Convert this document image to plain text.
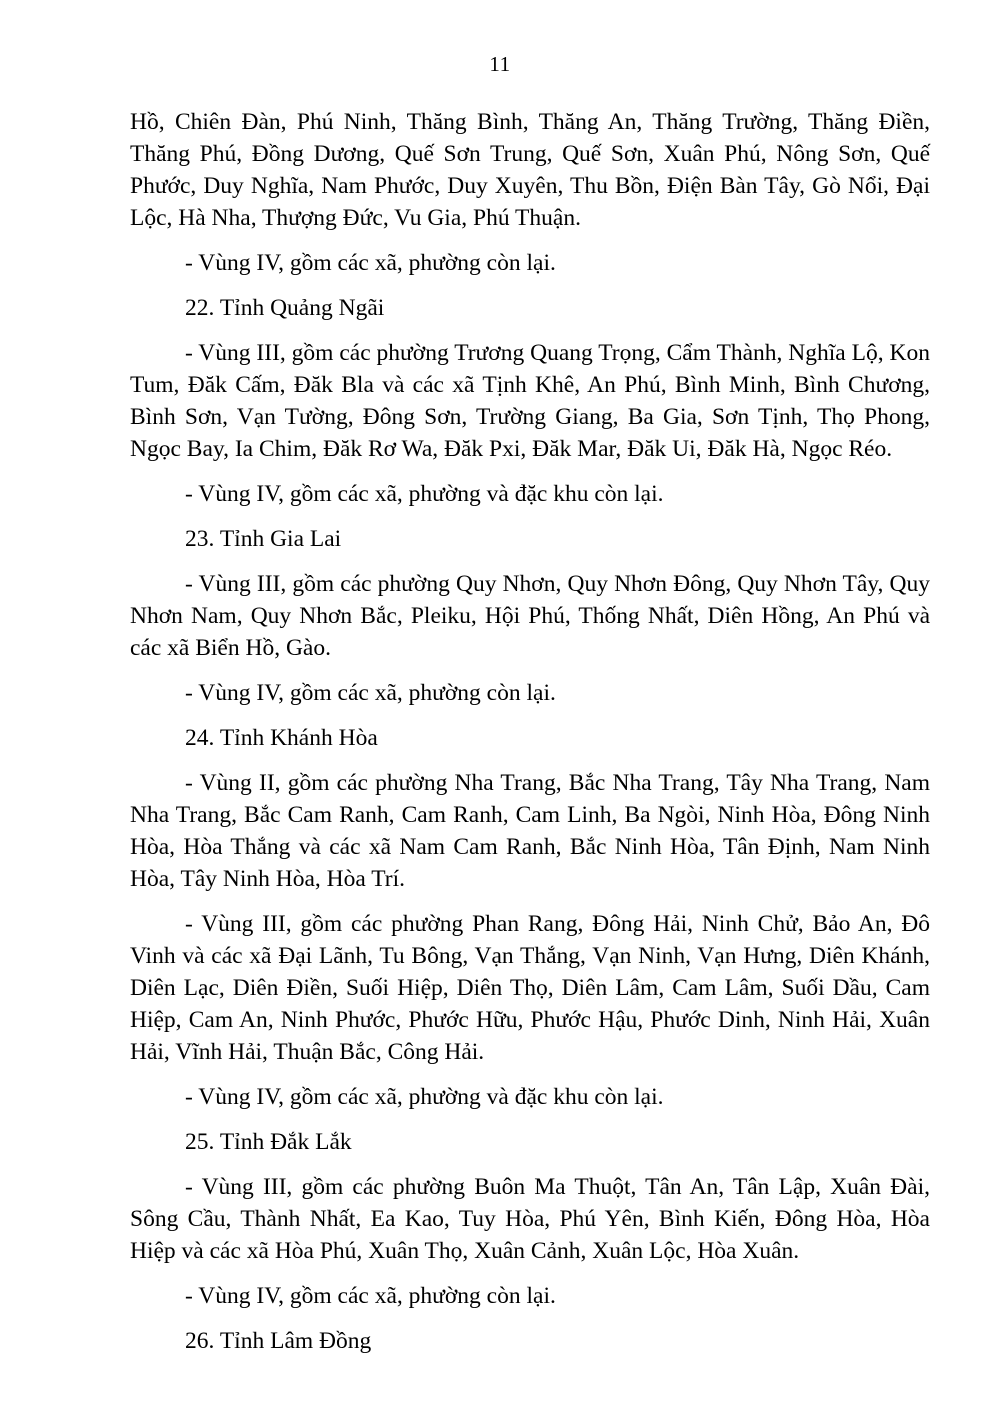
11

Hồ, Chiên Đàn, Phú Ninh, Thăng Bình, Thăng An, Thăng Trường, Thăng Điền, Thăng Phú, Đồng Dương, Quế Sơn Trung, Quế Sơn, Xuân Phú, Nông Sơn, Quế Phước, Duy Nghĩa, Nam Phước, Duy Xuyên, Thu Bồn, Điện Bàn Tây, Gò Nổi, Đại Lộc, Hà Nha, Thượng Đức, Vu Gia, Phú Thuận.

- Vùng IV, gồm các xã, phường còn lại.

22. Tỉnh Quảng Ngãi

- Vùng III, gồm các phường Trương Quang Trọng, Cẩm Thành, Nghĩa Lộ, Kon Tum, Đăk Cấm, Đăk Bla và các xã Tịnh Khê, An Phú, Bình Minh, Bình Chương, Bình Sơn, Vạn Tường, Đông Sơn, Trường Giang, Ba Gia, Sơn Tịnh, Thọ Phong, Ngọc Bay, Ia Chim, Đăk Rơ Wa, Đăk Pxi, Đăk Mar, Đăk Ui, Đăk Hà, Ngọc Réo.

- Vùng IV, gồm các xã, phường và đặc khu còn lại.

23. Tỉnh Gia Lai

- Vùng III, gồm các phường Quy Nhơn, Quy Nhơn Đông, Quy Nhơn Tây, Quy Nhơn Nam, Quy Nhơn Bắc, Pleiku, Hội Phú, Thống Nhất, Diên Hồng, An Phú và các xã Biển Hồ, Gào.

- Vùng IV, gồm các xã, phường còn lại.

24. Tỉnh Khánh Hòa

- Vùng II, gồm các phường Nha Trang, Bắc Nha Trang, Tây Nha Trang, Nam Nha Trang, Bắc Cam Ranh, Cam Ranh, Cam Linh, Ba Ngòi, Ninh Hòa, Đông Ninh Hòa, Hòa Thắng và các xã Nam Cam Ranh, Bắc Ninh Hòa, Tân Định, Nam Ninh Hòa, Tây Ninh Hòa, Hòa Trí.

- Vùng III, gồm các phường Phan Rang, Đông Hải, Ninh Chử, Bảo An, Đô Vinh và các xã Đại Lãnh, Tu Bông, Vạn Thắng, Vạn Ninh, Vạn Hưng, Diên Khánh, Diên Lạc, Diên Điền, Suối Hiệp, Diên Thọ, Diên Lâm, Cam Lâm, Suối Dầu, Cam Hiệp, Cam An, Ninh Phước, Phước Hữu, Phước Hậu, Phước Dinh, Ninh Hải, Xuân Hải, Vĩnh Hải, Thuận Bắc, Công Hải.

- Vùng IV, gồm các xã, phường và đặc khu còn lại.

25. Tỉnh Đắk Lắk

- Vùng III, gồm các phường Buôn Ma Thuột, Tân An, Tân Lập, Xuân Đài, Sông Cầu, Thành Nhất, Ea Kao, Tuy Hòa, Phú Yên, Bình Kiến, Đông Hòa, Hòa Hiệp và các xã Hòa Phú, Xuân Thọ, Xuân Cảnh, Xuân Lộc, Hòa Xuân.

- Vùng IV, gồm các xã, phường còn lại.

26. Tỉnh Lâm Đồng
